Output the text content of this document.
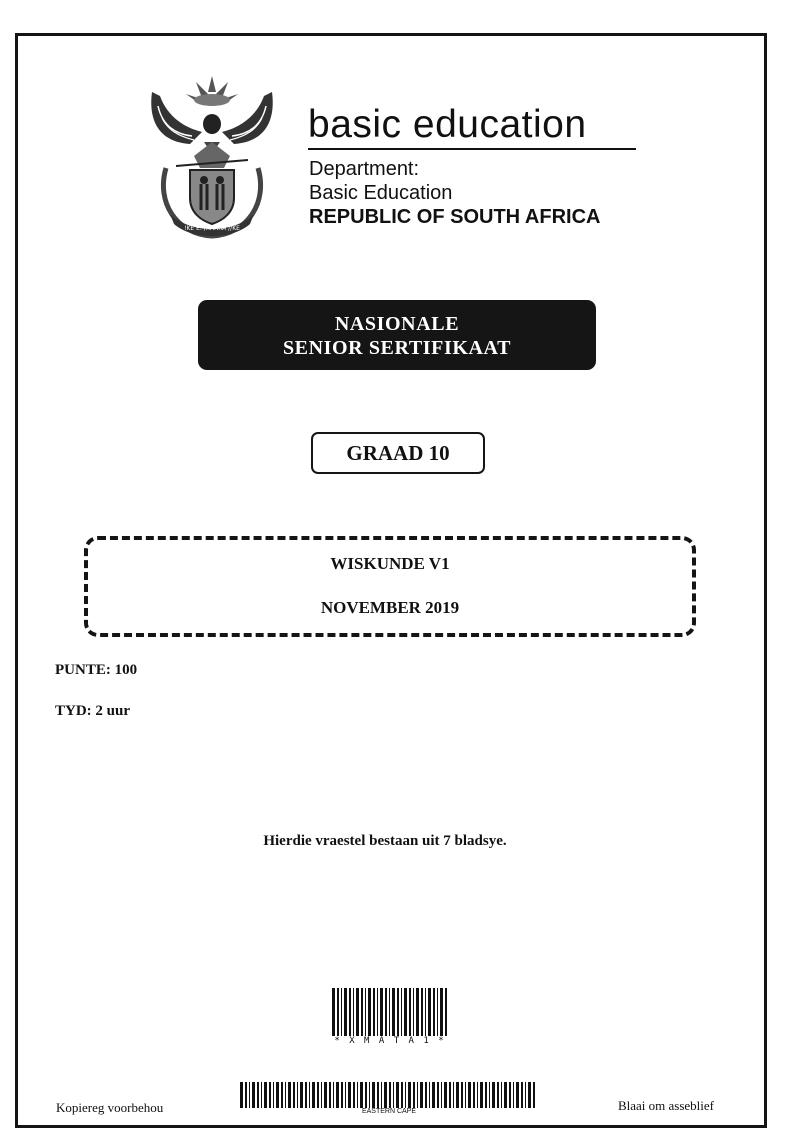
!KE E: /XARRA //KE
basic education
Department:
Basic Education
REPUBLIC OF SOUTH AFRICA
NASIONALE
SENIOR SERTIFIKAAT
GRAAD 10
WISKUNDE V1
NOVEMBER 2019
PUNTE: 100
TYD: 2 uur
Hierdie vraestel bestaan uit 7 bladsye.
* X M A T A 1 *
EASTERN CAPE
Kopiereg voorbehou	Blaai om asseblief
